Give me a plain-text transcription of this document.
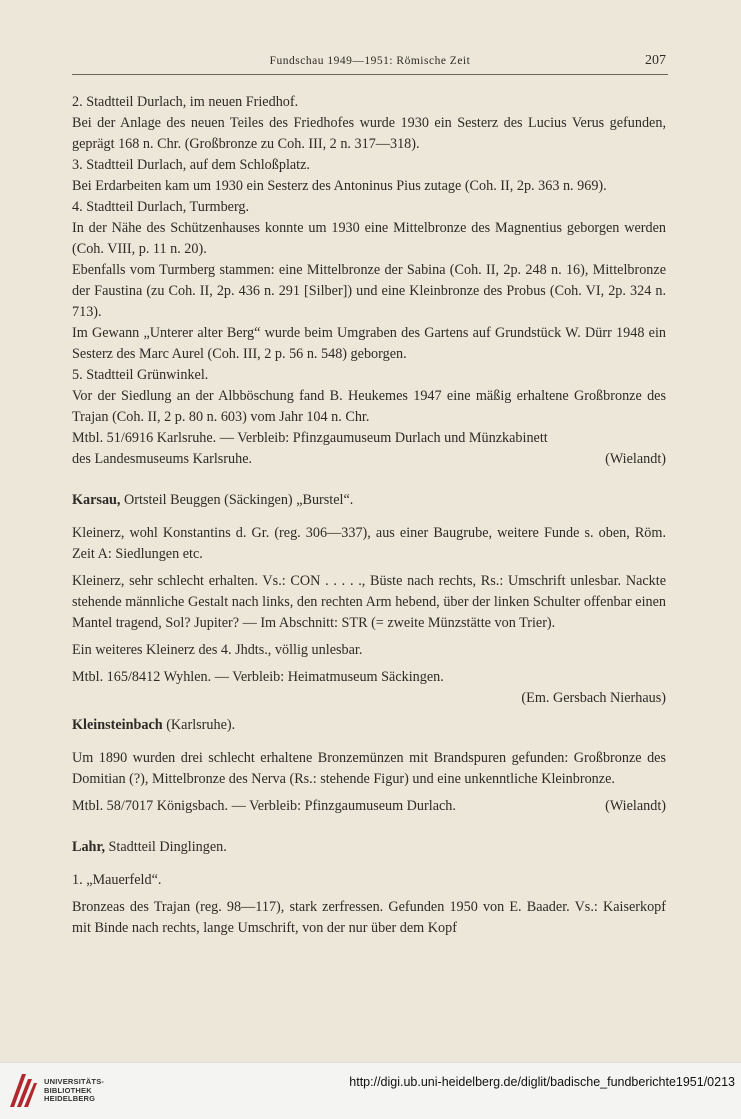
Fundschau 1949—1951: Römische Zeit	207

2. Stadtteil Durlach, im neuen Friedhof.

Bei der Anlage des neuen Teiles des Friedhofes wurde 1930 ein Sesterz des Lucius Verus gefunden, geprägt 168 n. Chr. (Großbronze zu Coh. III, 2 n. 317—318).

3. Stadtteil Durlach, auf dem Schloßplatz.

Bei Erdarbeiten kam um 1930 ein Sesterz des Antoninus Pius zutage (Coh. II, 2p. 363 n. 969).

4. Stadtteil Durlach, Turmberg.

In der Nähe des Schützenhauses konnte um 1930 eine Mittelbronze des Magnentius geborgen werden (Coh. VIII, p. 11 n. 20).

Ebenfalls vom Turmberg stammen: eine Mittelbronze der Sabina (Coh. II, 2p. 248 n. 16), Mittelbronze der Faustina (zu Coh. II, 2p. 436 n. 291 [Silber]) und eine Kleinbronze des Probus (Coh. VI, 2p. 324 n. 713).

Im Gewann „Unterer alter Berg“ wurde beim Umgraben des Gartens auf Grundstück W. Dürr 1948 ein Sesterz des Marc Aurel (Coh. III, 2 p. 56 n. 548) geborgen.

5. Stadtteil Grünwinkel.

Vor der Siedlung an der Albböschung fand B. Heukemes 1947 eine mäßig erhaltene Großbronze des Trajan (Coh. II, 2 p. 80 n. 603) vom Jahr 104 n. Chr.

Mtbl. 51/6916 Karlsruhe. — Verbleib: Pfinzgaumuseum Durlach und Münzkabinett

des Landesmuseums Karlsruhe.	(Wielandt)

Karsau, Ortsteil Beuggen (Säckingen) „Burstel“.

Kleinerz, wohl Konstantins d. Gr. (reg. 306—337), aus einer Baugrube, weitere Funde s. oben, Röm. Zeit A: Siedlungen etc.

Kleinerz, sehr schlecht erhalten. Vs.: CON . . . . ., Büste nach rechts, Rs.: Umschrift unlesbar. Nackte stehende männliche Gestalt nach links, den rechten Arm hebend, über der linken Schulter offenbar einen Mantel tragend, Sol? Jupiter? — Im Abschnitt: STR (= zweite Münzstätte von Trier).

Ein weiteres Kleinerz des 4. Jhdts., völlig unlesbar.

Mtbl. 165/8412 Wyhlen. — Verbleib: Heimatmuseum Säckingen.

(Em. Gersbach Nierhaus)

Kleinsteinbach (Karlsruhe).

Um 1890 wurden drei schlecht erhaltene Bronzemünzen mit Brandspuren gefunden: Großbronze des Domitian (?), Mittelbronze des Nerva (Rs.: stehende Figur) und eine unkenntliche Kleinbronze.

Mtbl. 58/7017 Königsbach. — Verbleib: Pfinzgaumuseum Durlach.	(Wielandt)

Lahr, Stadtteil Dinglingen.

1. „Mauerfeld“.

Bronzeas des Trajan (reg. 98—117), stark zerfressen. Gefunden 1950 von E. Baader. Vs.: Kaiserkopf mit Binde nach rechts, lange Umschrift, von der nur über dem Kopf

UNIVERSITÄTS-
BIBLIOTHEK
HEIDELBERG
http://digi.ub.uni-heidelberg.de/diglit/badische_fundberichte1951/0213
